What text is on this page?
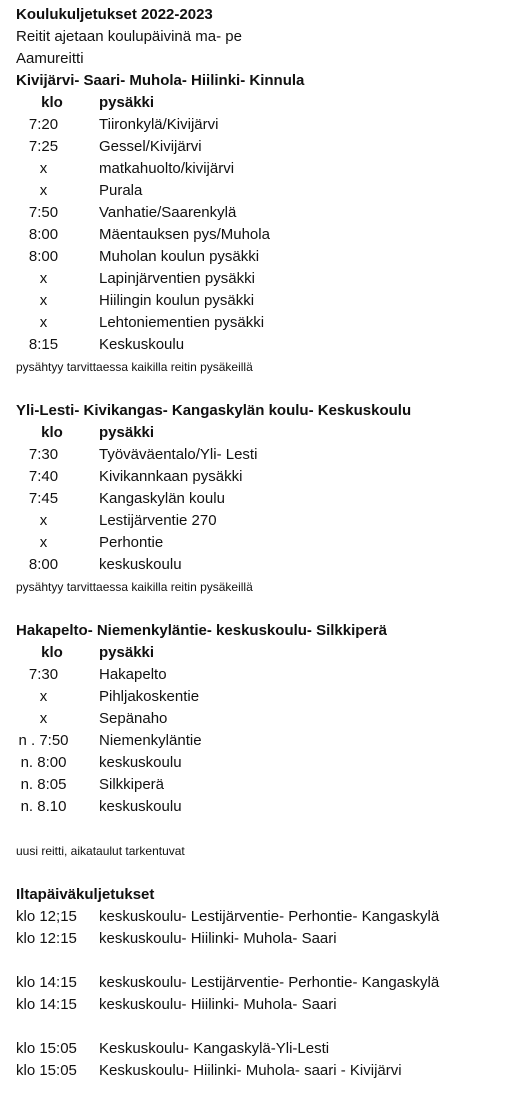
Koulukuljetukset 2022-2023
Reitit ajetaan koulupäivinä ma- pe
Aamureitti
Kivijärvi- Saari- Muhola- Hiilinki- Kinnula
klo	pysäkki
7:20	Tiironkylä/Kivijärvi
7:25	Gessel/Kivijärvi
x	matkahuolto/kivijärvi
x	Purala
7:50	Vanhatie/Saarenkylä
8:00	Mäentauksen pys/Muhola
8:00	Muholan koulun pysäkki
x	Lapinjärventien pysäkki
x	Hiilingin koulun pysäkki
x	Lehtoniementien pysäkki
8:15	Keskuskoulu
pysähtyy tarvittaessa kaikilla reitin pysäkeillä
Yli-Lesti- Kivikangas- Kangaskylän koulu- Keskuskoulu
klo	pysäkki
7:30	Työväväentalo/Yli- Lesti
7:40	Kivikannkaan pysäkki
7:45	Kangaskylän koulu
x	Lestijärventie 270
x	Perhontie
8:00	keskuskoulu
pysähtyy tarvittaessa kaikilla reitin pysäkeillä
Hakapelto- Niemenkyläntie- keskuskoulu- Silkkiperä
klo	pysäkki
7:30	Hakapelto
x	Pihljakoskentie
x	Sepänaho
n . 7:50 Niemenkyläntie
n. 8:00	keskuskoulu
n. 8:05	Silkkiperä
n. 8.10	keskuskoulu
uusi reitti, aikataulut tarkentuvat
Iltapäiväkuljetukset
klo 12;15	keskuskoulu- Lestijärventie- Perhontie- Kangaskylä
klo 12:15	keskuskoulu- Hiilinki- Muhola- Saari
klo 14:15	keskuskoulu- Lestijärventie- Perhontie- Kangaskylä
klo 14:15	keskuskoulu- Hiilinki- Muhola- Saari
klo 15:05	Keskuskoulu- Kangaskylä-Yli-Lesti
klo 15:05	Keskuskoulu- Hiilinki- Muhola- saari - Kivijärvi
